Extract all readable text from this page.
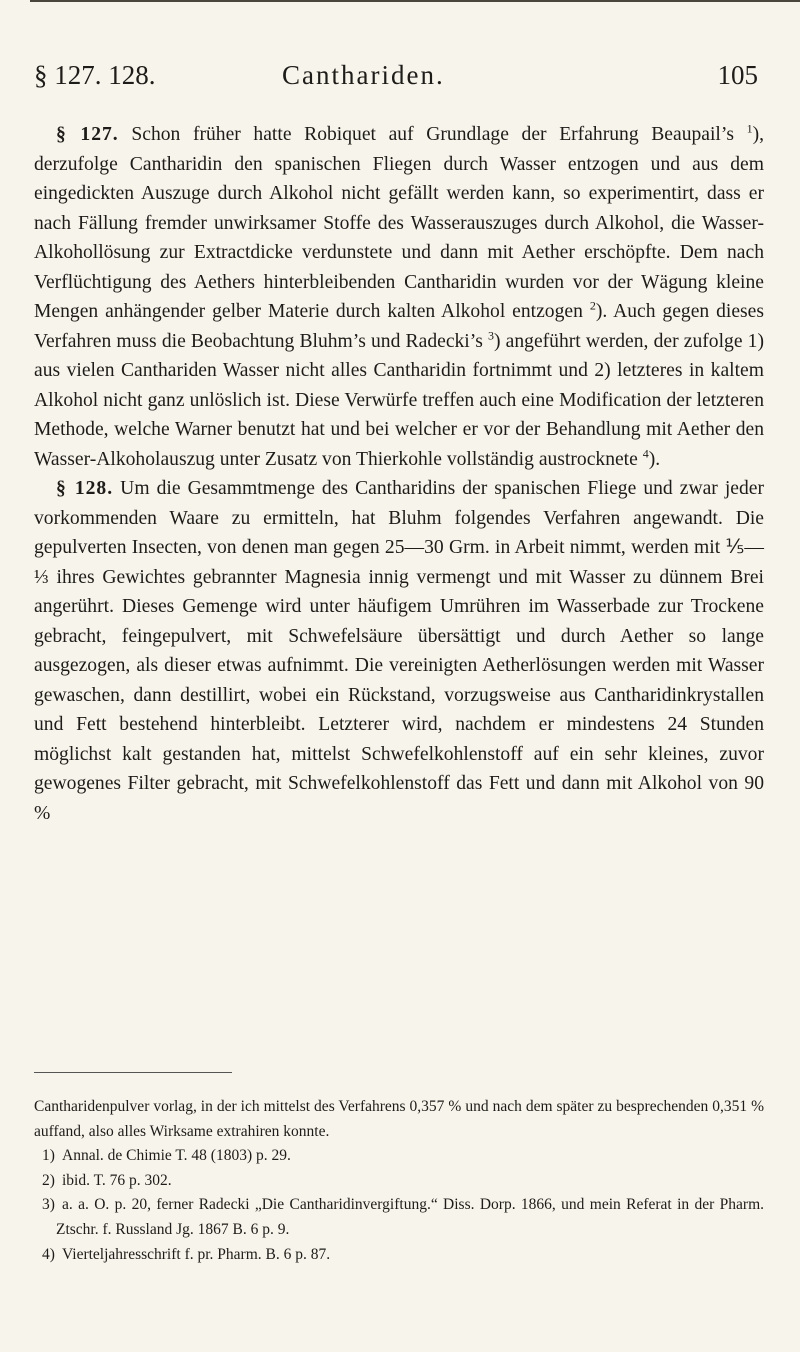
§ 127. 128.	Canthariden.	105

§ 127. Schon früher hatte Robiquet auf Grundlage der Erfahrung Beaupail’s $^1$), derzufolge Cantharidin den spanischen Fliegen durch Wasser entzogen und aus dem eingedickten Auszuge durch Alkohol nicht gefällt werden kann, so experimentirt, dass er nach Fällung fremder unwirksamer Stoffe des Wasserauszuges durch Alkohol, die Wasser-Alkohollösung zur Extractdicke verdunstete und dann mit Aether erschöpfte. Dem nach Verflüchtigung des Aethers hinterbleibenden Cantharidin wurden vor der Wägung kleine Mengen anhängender gelber Materie durch kalten Alkohol entzogen $^2$). Auch gegen dieses Verfahren muss die Beobachtung Bluhm’s und Radecki’s $^3$) angeführt werden, der zufolge 1) aus vielen Canthariden Wasser nicht alles Cantharidin fortnimmt und 2) letzteres in kaltem Alkohol nicht ganz unlöslich ist. Diese Verwürfe treffen auch eine Modification der letzteren Methode, welche Warner benutzt hat und bei welcher er vor der Behandlung mit Aether den Wasser-Alkoholauszug unter Zusatz von Thierkohle vollständig austrocknete $^4$).

§ 128. Um die Gesammtmenge des Cantharidins der spanischen Fliege und zwar jeder vorkommenden Waare zu ermitteln, hat Bluhm folgendes Verfahren angewandt. Die gepulverten Insecten, von denen man gegen 25—30 Grm. in Arbeit nimmt, werden mit ⅕—⅓ ihres Gewichtes gebrannter Magnesia innig vermengt und mit Wasser zu dünnem Brei angerührt. Dieses Gemenge wird unter häufigem Umrühren im Wasserbade zur Trockene gebracht, feingepulvert, mit Schwefelsäure übersättigt und durch Aether so lange ausgezogen, als dieser etwas aufnimmt. Die vereinigten Aetherlösungen werden mit Wasser gewaschen, dann destillirt, wobei ein Rückstand, vorzugsweise aus Cantharidinkrystallen und Fett bestehend hinterbleibt. Letzterer wird, nachdem er mindestens 24 Stunden möglichst kalt gestanden hat, mittelst Schwefelkohlenstoff auf ein sehr kleines, zuvor gewogenes Filter gebracht, mit Schwefelkohlenstoff das Fett und dann mit Alkohol von 90 %

Cantharidenpulver vorlag, in der ich mittelst des Verfahrens 0,357 % und nach dem später zu besprechenden 0,351 % auffand, also alles Wirksame extrahiren konnte.

1) Annal. de Chimie T. 48 (1803) p. 29.

2) ibid. T. 76 p. 302.

3) a. a. O. p. 20, ferner Radecki „Die Cantharidinvergiftung.“ Diss. Dorp. 1866, und mein Referat in der Pharm. Ztschr. f. Russland Jg. 1867 B. 6 p. 9.

4) Vierteljahresschrift f. pr. Pharm. B. 6 p. 87.
